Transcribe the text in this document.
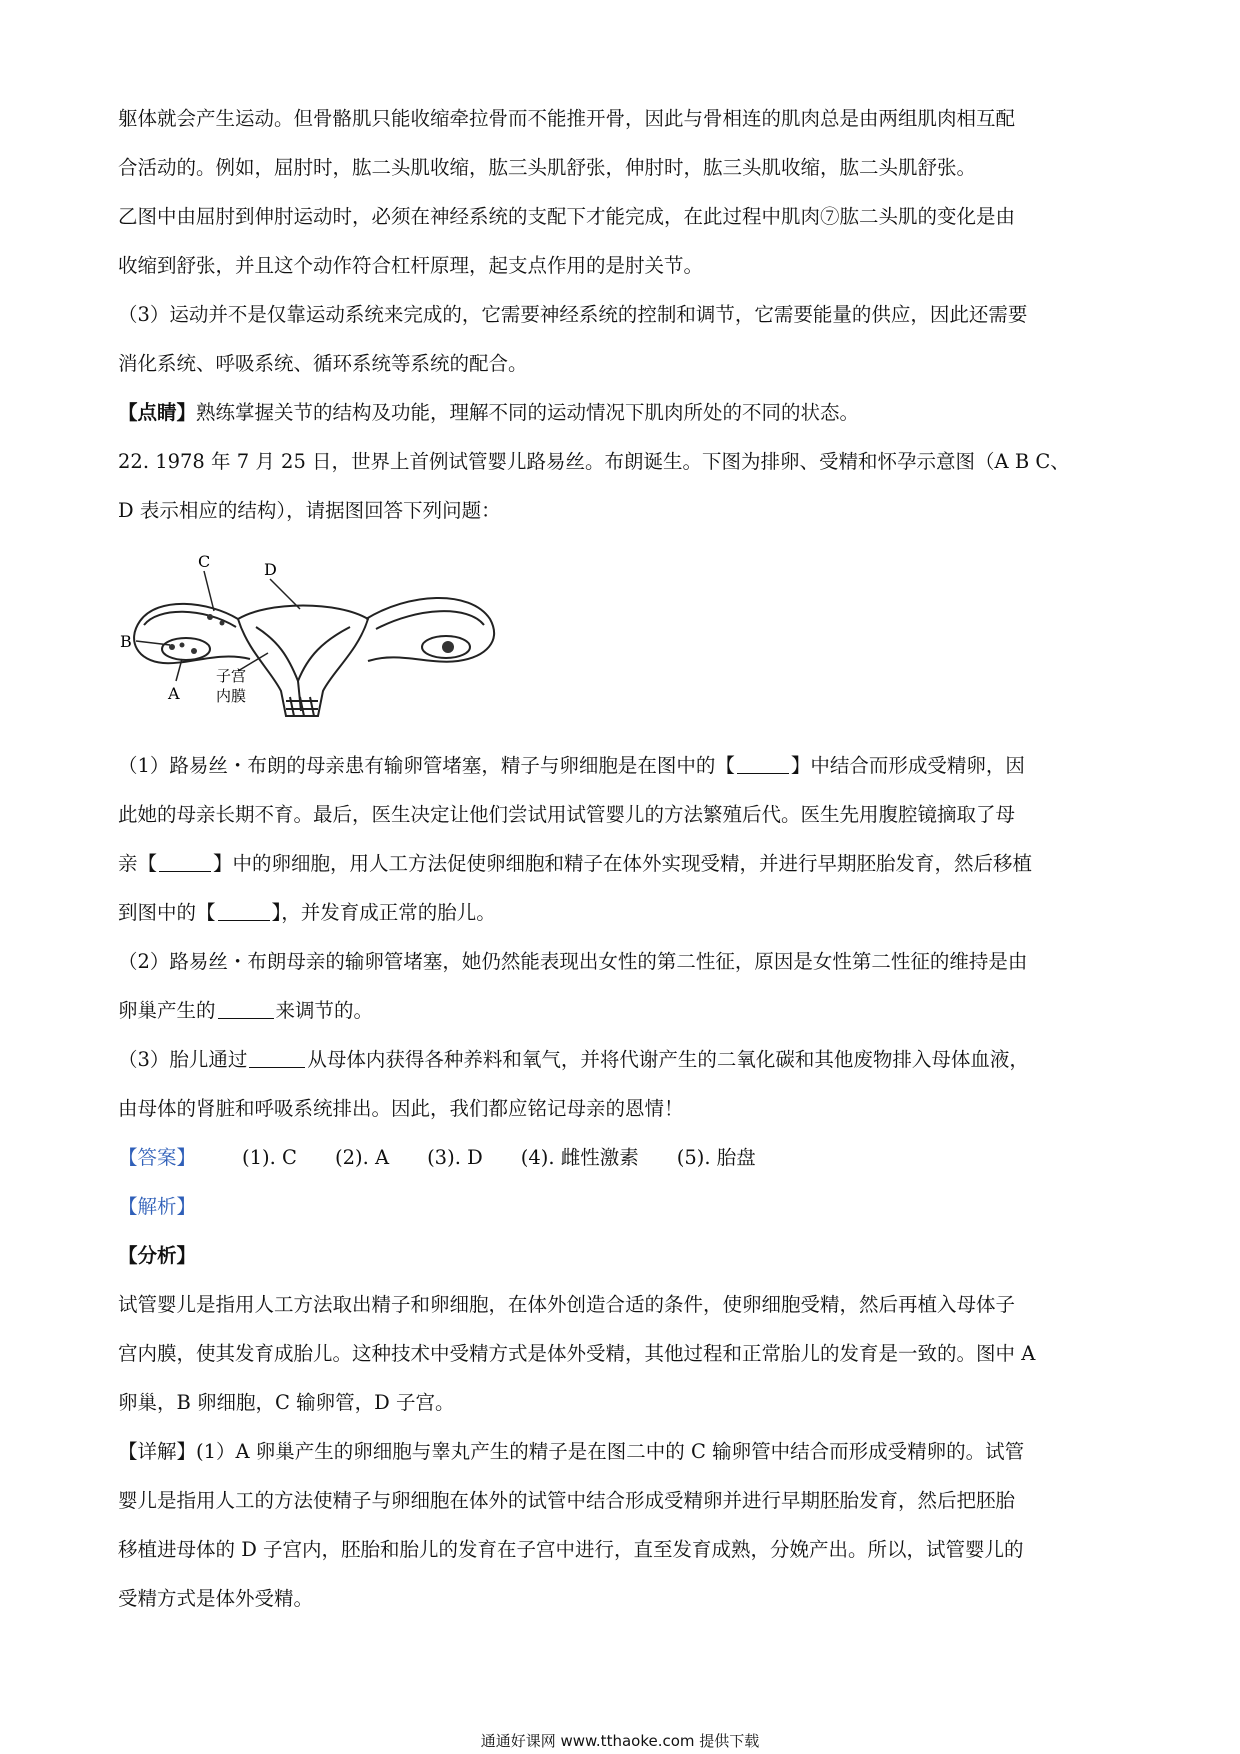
躯体就会产生运动。但骨骼肌只能收缩牵拉骨而不能推开骨，因此与骨相连的肌肉总是由两组肌肉相互配

合活动的。例如，屈肘时，肱二头肌收缩，肱三头肌舒张，伸肘时，肱三头肌收缩，肱二头肌舒张。

乙图中由屈肘到伸肘运动时，必须在神经系统的支配下才能完成，在此过程中肌肉⑦肱二头肌的变化是由

收缩到舒张，并且这个动作符合杠杆原理，起支点作用的是肘关节。

（3）运动并不是仅靠运动系统来完成的，它需要神经系统的控制和调节，它需要能量的供应，因此还需要

消化系统、呼吸系统、循环系统等系统的配合。

【点睛】熟练掌握关节的结构及功能，理解不同的运动情况下肌肉所处的不同的状态。

22. 1978 年 7 月 25 日，世界上首例试管婴儿路易丝。布朗诞生。下图为排卵、受精和怀孕示意图（A B C、

D 表示相应的结构），请据图回答下列问题：

C	D
B
A
子宫
内膜

（1）路易丝・布朗的母亲患有输卵管堵塞，精子与卵细胞是在图中的【	】中结合而形成受精卵，因

此她的母亲长期不育。最后，医生决定让他们尝试用试管婴儿的方法繁殖后代。医生先用腹腔镜摘取了母

亲【	】中的卵细胞，用人工方法促使卵细胞和精子在体外实现受精，并进行早期胚胎发育，然后移植

到图中的【	】，并发育成正常的胎儿。

（2）路易丝・布朗母亲的输卵管堵塞，她仍然能表现出女性的第二性征，原因是女性第二性征的维持是由

卵巢产生的	来调节的。

（3）胎儿通过	从母体内获得各种养料和氧气，并将代谢产生的二氧化碳和其他废物排入母体血液，

由母体的肾脏和呼吸系统排出。因此，我们都应铭记母亲的恩情！

【答案】 (1). C (2). A (3). D (4). 雌性激素 (5). 胎盘

【解析】

【分析】

试管婴儿是指用人工方法取出精子和卵细胞，在体外创造合适的条件，使卵细胞受精，然后再植入母体子

宫内膜，使其发育成胎儿。这种技术中受精方式是体外受精，其他过程和正常胎儿的发育是一致的。图中 A

卵巢，B 卵细胞，C 输卵管，D 子宫。

【详解】(1）A 卵巢产生的卵细胞与睾丸产生的精子是在图二中的 C 输卵管中结合而形成受精卵的。试管

婴儿是指用人工的方法使精子与卵细胞在体外的试管中结合形成受精卵并进行早期胚胎发育，然后把胚胎

移植进母体的 D 子宫内，胚胎和胎儿的发育在子宫中进行，直至发育成熟，分娩产出。所以，试管婴儿的

受精方式是体外受精。

通通好课网 www.tthaoke.com 提供下载
